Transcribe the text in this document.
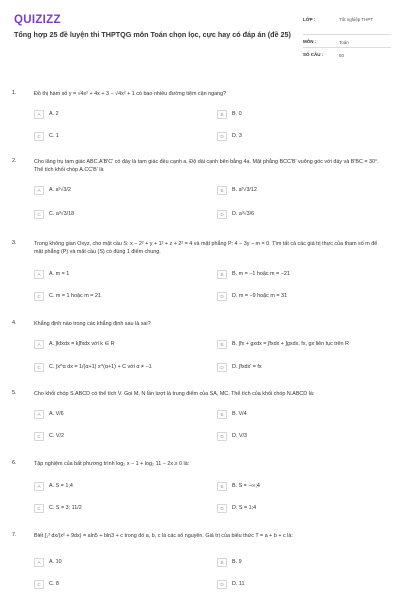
QUIZIZZ
Tổng hợp 25 đề luyện thi THPTQG môn Toán chọn lọc, cực hay có đáp án (đề 25)
LỚP :	Tốt nghiệp THPT
MÔN :	Toán
SỐ CÂU :	50
1.	Đồ thị hàm số y = √4x² + 4x + 3 − √4x² + 1 có bao nhiêu đường tiệm cận ngang?
A	A. 2	B	B. 0
C	C. 1	D	D. 3
2.	Cho lăng trụ tam giác ABC.A'B'C' có đáy là tam giác đều cạnh a. Độ dài cạnh bên bằng 4a. Mặt phẳng BCC'B' vuông góc với đáy và B'BC = 30°. Thể tích khối chóp A.CC'B' là
A	A. a³√3/2	B	B. a³√3/12
C	C. a³√3/18	D	D. a³√3/6
3.	Trong không gian Oxyz, cho mặt cầu S: x − 2² + y + 1² + z + 2² = 4 và mặt phẳng P: 4 − 3y − m = 0. Tìm tất cả các giá trị thực của tham số m để mặt phẳng (P) và mặt cầu (S) có đúng 1 điểm chung.
A	A. m = 1	B	B. m = −1 hoặc m = −21
C	C. m = 1 hoặc m = 21	D	D. m = −9 hoặc m = 31
4.	Khẳng định nào trong các khẳng định sau là sai?
A	A. ∫kfxdx = k∫fxdx với k ∈ R	B	B. ∫fx + gxdx = ∫fxdx + ∫gxdx, fx, gx liên tục trên R
C	C. ∫x^α dx = 1/(α+1) x^(α+1) + C với α ≠ −1	D	D. ∫fxdx' = fx
5.	Cho khối chóp S.ABCD có thể tích V. Gọi M, N lần lượt là trung điểm của SA, MC. Thể tích của khối chóp N.ABCD là:
A	A. V/6	B	B. V/4
C	C. V/2	D	D. V/3
6.	Tập nghiệm của bất phương trình log₂ x − 1 + log₂ 11 − 2x ≥ 0 là:
A	A. S = 1;4	B	B. S = −∞;4
C	C. S = 3; 11/2	D	D. S = 1;4
7.	Biết ∫₁³ dx/(x² + 9dx) = aln5 + bln3 + c trong đó a, b, c là các số nguyên. Giá trị của biểu thức T = a + b + c là:
A	A. 10	B	B. 9
C	C. 8	D	D. 11
